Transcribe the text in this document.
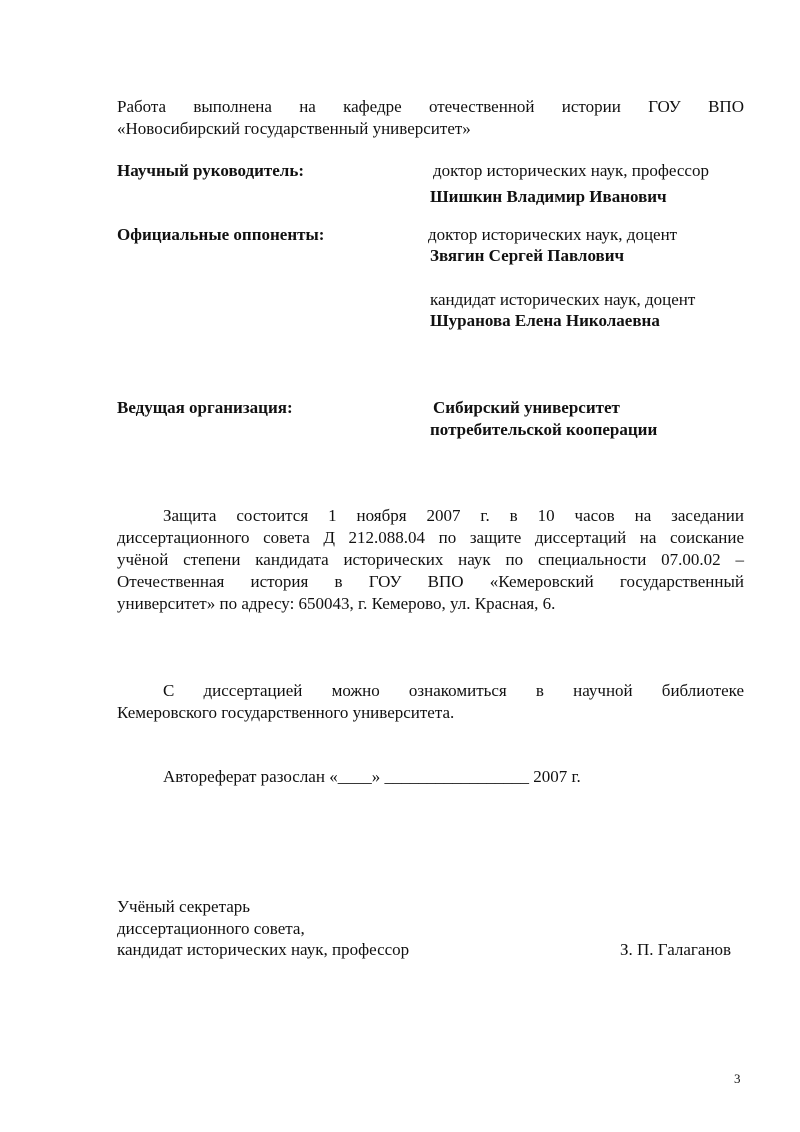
Работа выполнена на кафедре отечественной истории ГОУ ВПО
«Новосибирский государственный университет»
Научный руководитель:	доктор исторических наук, профессор
Шишкин Владимир Иванович
Официальные оппоненты:	доктор исторических наук, доцент
Звягин Сергей Павлович
кандидат исторических наук, доцент
Шуранова Елена Николаевна
Ведущая организация:	Сибирский университет
потребительской кооперации
Защита состоится 1 ноября 2007 г. в 10 часов на заседании
диссертационного совета Д 212.088.04 по защите диссертаций на соискание
учёной степени кандидата исторических наук по специальности 07.00.02 –
Отечественная история в ГОУ ВПО «Кемеровский государственный
университет» по адресу: 650043, г. Кемерово, ул. Красная, 6.
С диссертацией можно ознакомиться в научной библиотеке
Кемеровского государственного университета.
Автореферат разослан «____» _________________ 2007 г.
Учёный секретарь
диссертационного совета,
кандидат исторических наук, профессор	З. П. Галаганов
3
